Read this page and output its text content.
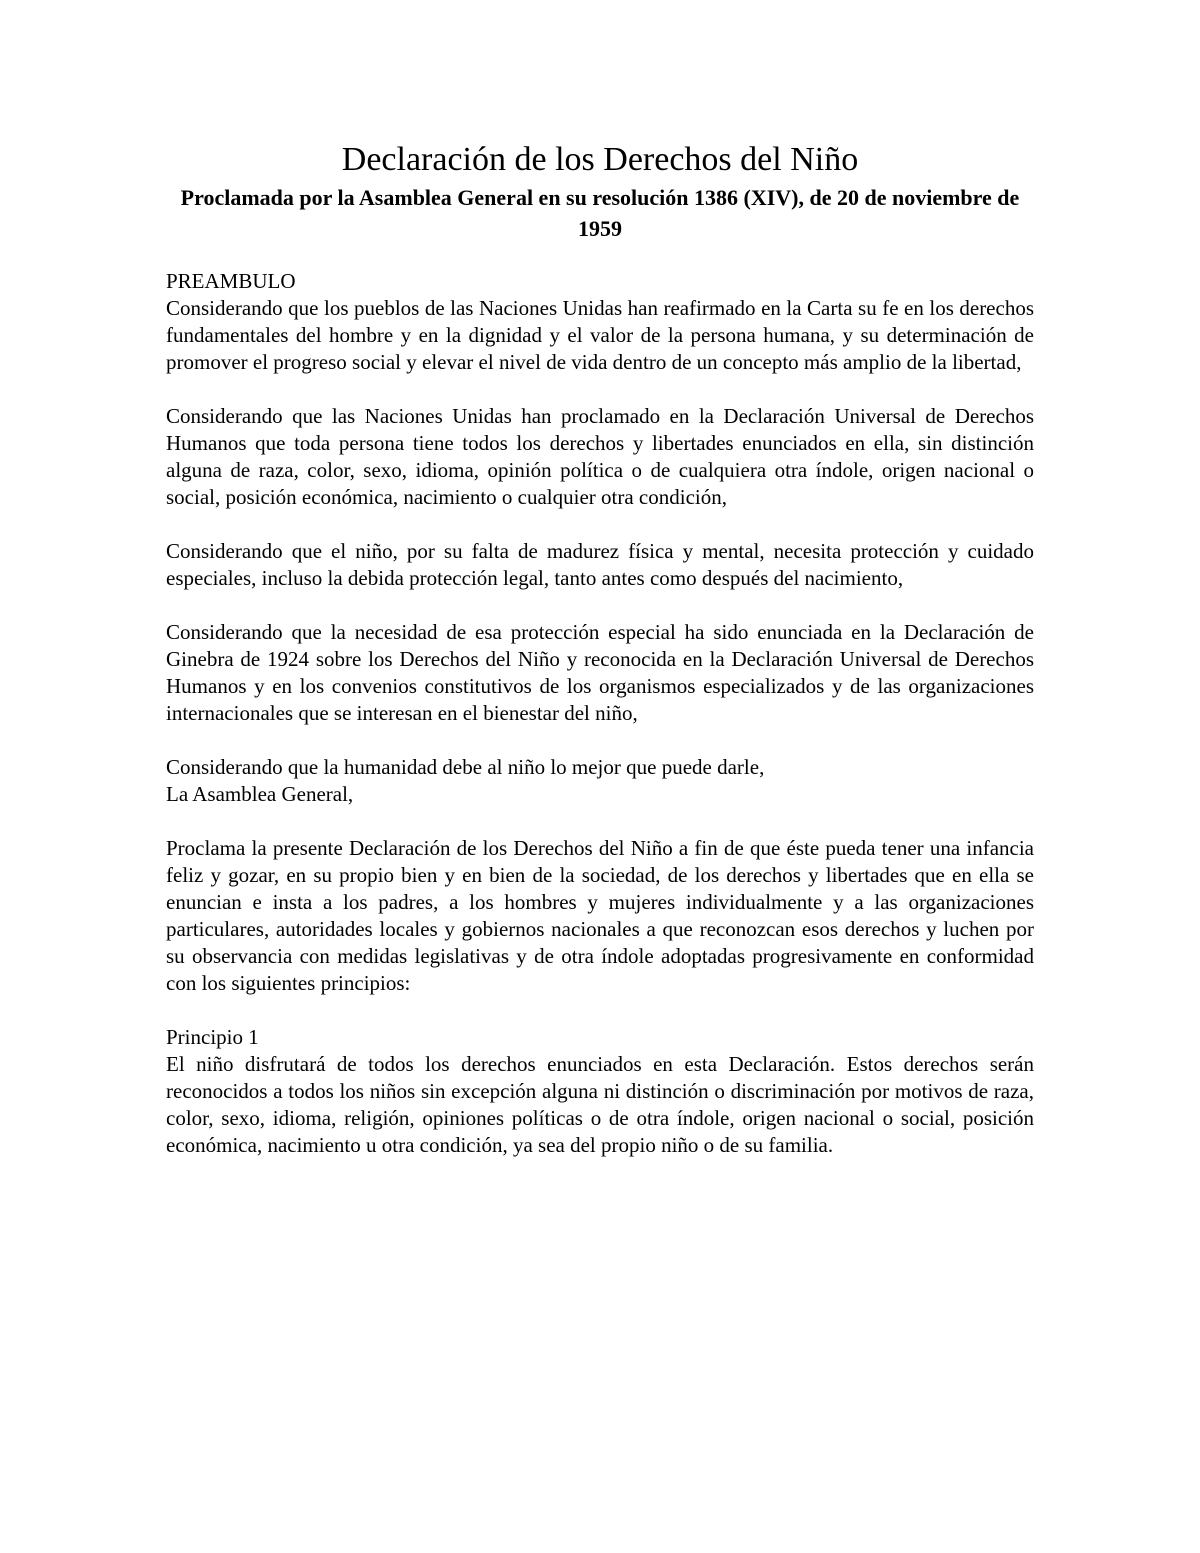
Declaración de los Derechos del Niño
Proclamada por la Asamblea General en su resolución 1386 (XIV), de 20 de noviembre de 1959
PREAMBULO

Considerando que los pueblos de las Naciones Unidas han reafirmado en la Carta su fe en los derechos fundamentales del hombre y en la dignidad y el valor de la persona humana, y su determinación de promover el progreso social y elevar el nivel de vida dentro de un concepto más amplio de la libertad,

Considerando que las Naciones Unidas han proclamado en la Declaración Universal de Derechos Humanos que toda persona tiene todos los derechos y libertades enunciados en ella, sin distinción alguna de raza, color, sexo, idioma, opinión política o de cualquiera otra índole, origen nacional o social, posición económica, nacimiento o cualquier otra condición,

Considerando que el niño, por su falta de madurez física y mental, necesita protección y cuidado especiales, incluso la debida protección legal, tanto antes como después del nacimiento,

Considerando que la necesidad de esa protección especial ha sido enunciada en la Declaración de Ginebra de 1924 sobre los Derechos del Niño y reconocida en la Declaración Universal de Derechos Humanos y en los convenios constitutivos de los organismos especializados y de las organizaciones internacionales que se interesan en el bienestar del niño,

Considerando que la humanidad debe al niño lo mejor que puede darle,

La Asamblea General,

Proclama la presente Declaración de los Derechos del Niño a fin de que éste pueda tener una infancia feliz y gozar, en su propio bien y en bien de la sociedad, de los derechos y libertades que en ella se enuncian e insta a los padres, a los hombres y mujeres individualmente y a las organizaciones particulares, autoridades locales y gobiernos nacionales a que reconozcan esos derechos y luchen por su observancia con medidas legislativas y de otra índole adoptadas progresivamente en conformidad con los siguientes principios:

Principio 1

El niño disfrutará de todos los derechos enunciados en esta Declaración. Estos derechos serán reconocidos a todos los niños sin excepción alguna ni distinción o discriminación por motivos de raza, color, sexo, idioma, religión, opiniones políticas o de otra índole, origen nacional o social, posición económica, nacimiento u otra condición, ya sea del propio niño o de su familia.
